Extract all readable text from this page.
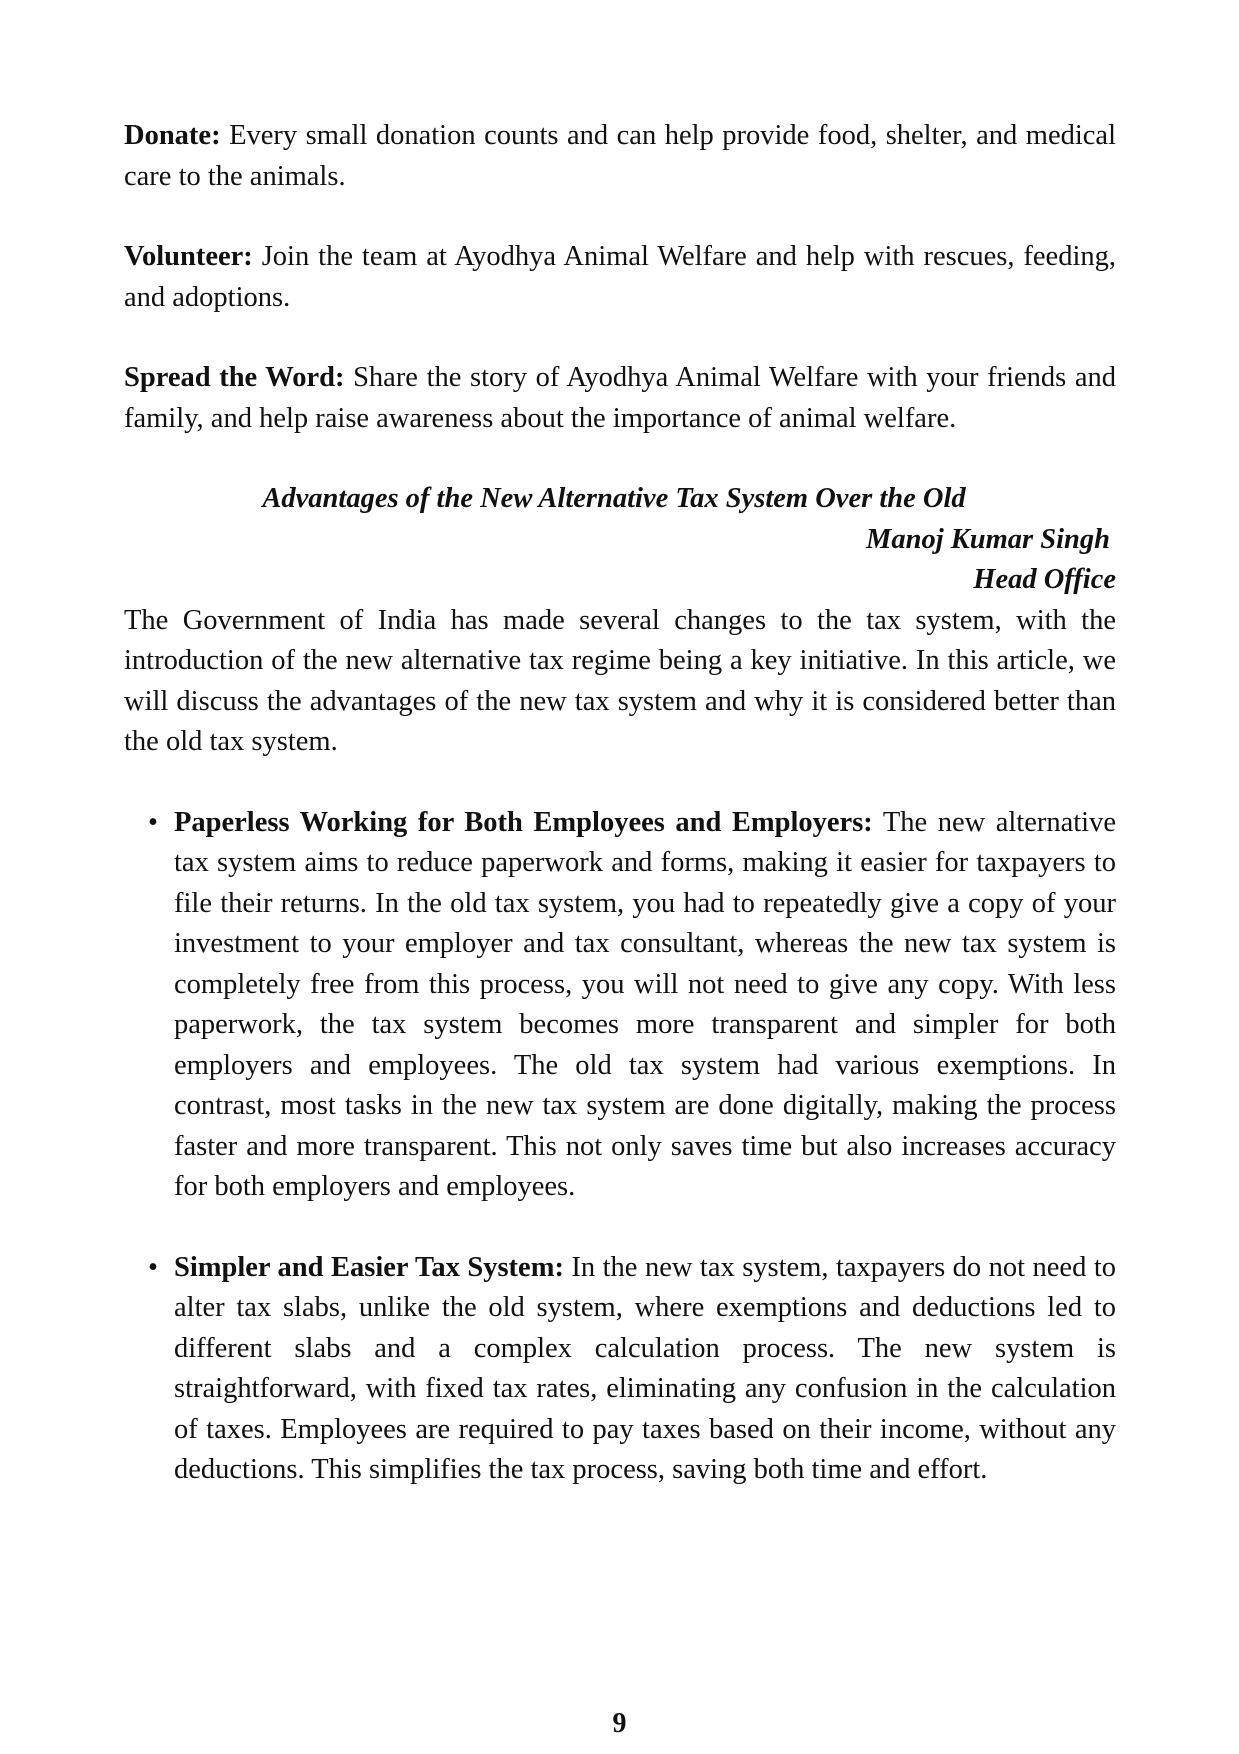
Donate: Every small donation counts and can help provide food, shelter, and medical care to the animals.

Volunteer: Join the team at Ayodhya Animal Welfare and help with rescues, feeding, and adoptions.

Spread the Word: Share the story of Ayodhya Animal Welfare with your friends and family, and help raise awareness about the importance of animal welfare.

Advantages of the New Alternative Tax System Over the Old
Manoj Kumar Singh
Head Office

The Government of India has made several changes to the tax system, with the introduction of the new alternative tax regime being a key initiative. In this article, we will discuss the advantages of the new tax system and why it is considered better than the old tax system.

• Paperless Working for Both Employees and Employers: The new alternative tax system aims to reduce paperwork and forms, making it easier for taxpayers to file their returns. In the old tax system, you had to repeatedly give a copy of your investment to your employer and tax consultant, whereas the new tax system is completely free from this process, you will not need to give any copy. With less paperwork, the tax system becomes more transparent and simpler for both employers and employees. The old tax system had various exemptions. In contrast, most tasks in the new tax system are done digitally, making the process faster and more transparent. This not only saves time but also increases accuracy for both employers and employees.
• Simpler and Easier Tax System: In the new tax system, taxpayers do not need to alter tax slabs, unlike the old system, where exemptions and deductions led to different slabs and a complex calculation process. The new system is straightforward, with fixed tax rates, eliminating any confusion in the calculation of taxes. Employees are required to pay taxes based on their income, without any deductions. This simplifies the tax process, saving both time and effort.
9
